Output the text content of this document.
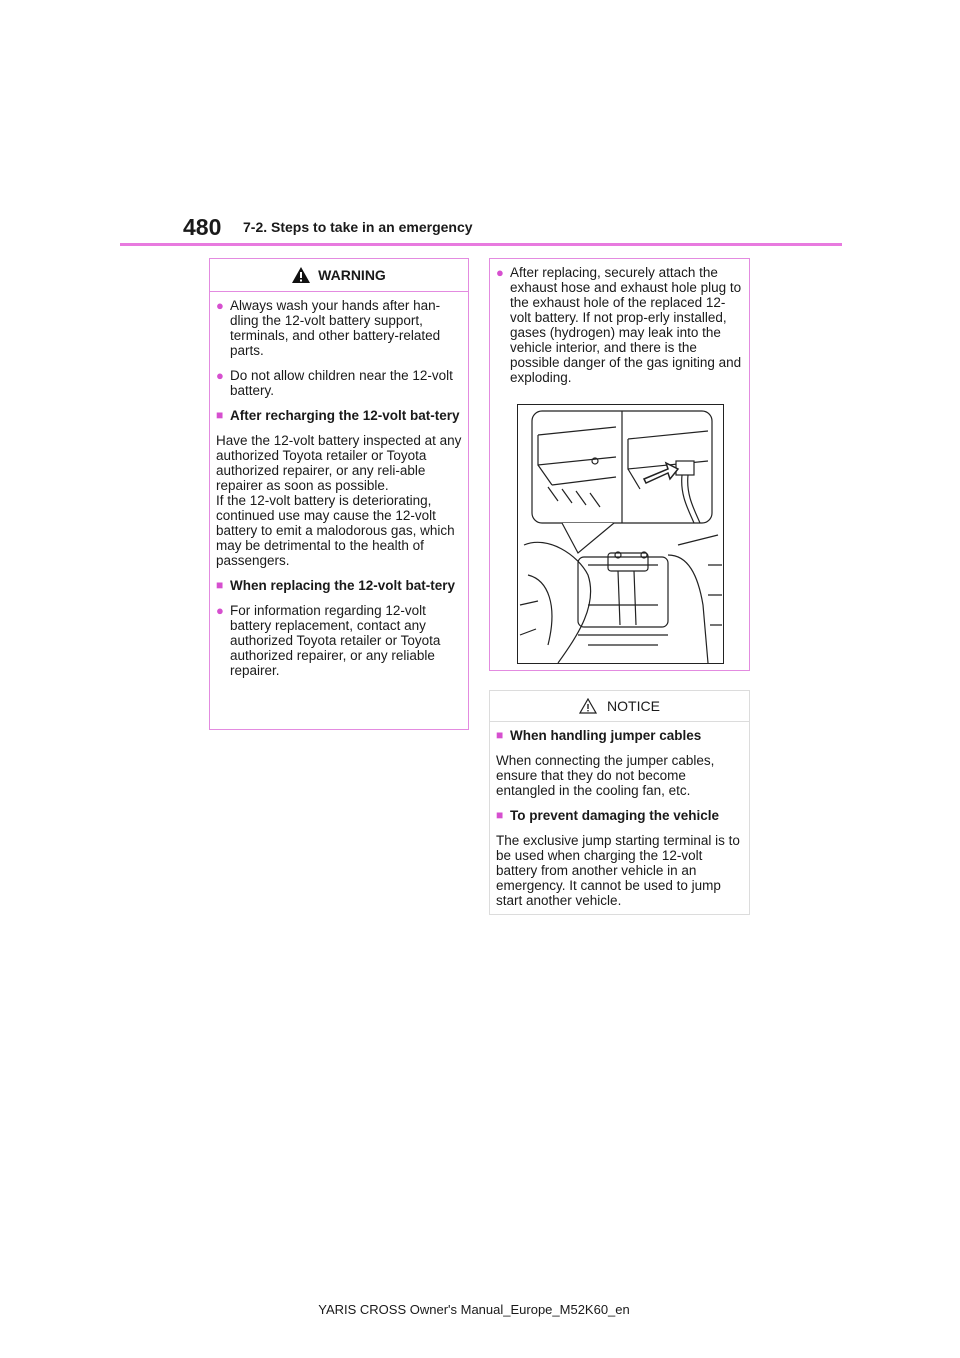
480 7-2. Steps to take in an emergency
WARNING
● Always wash your hands after han-dling the 12-volt battery support, terminals, and other battery-related parts.
● Do not allow children near the 12-volt battery.
■ After recharging the 12-volt bat-tery
Have the 12-volt battery inspected at any authorized Toyota retailer or Toyota authorized repairer, or any reli-able repairer as soon as possible.
If the 12-volt battery is deteriorating, continued use may cause the 12-volt battery to emit a malodorous gas, which may be detrimental to the health of passengers.
■ When replacing the 12-volt bat-tery
● For information regarding 12-volt battery replacement, contact any authorized Toyota retailer or Toyota authorized repairer, or any reliable repairer.
● After replacing, securely attach the exhaust hose and exhaust hole plug to the exhaust hole of the replaced 12-volt battery. If not prop-erly installed, gases (hydrogen) may leak into the vehicle interior, and there is the possible danger of the gas igniting and exploding.
NOTICE
■ When handling jumper cables
When connecting the jumper cables, ensure that they do not become entangled in the cooling fan, etc.
■ To prevent damaging the vehicle
The exclusive jump starting terminal is to be used when charging the 12-volt battery from another vehicle in an emergency. It cannot be used to jump start another vehicle.
YARIS CROSS Owner's Manual_Europe_M52K60_en
